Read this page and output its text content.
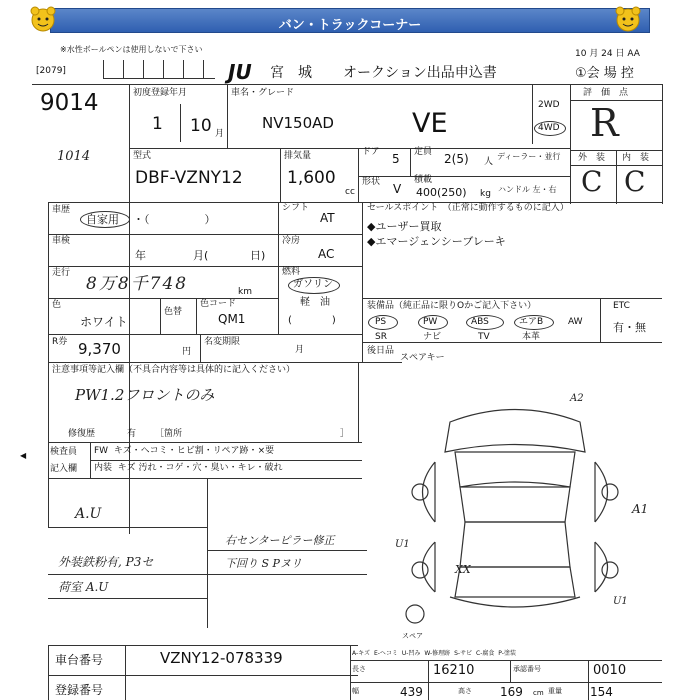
バン・トラックコーナー
※水性ボールペンは使用しないで下さい
[2079]	JU 宮　城 オークション出品申込書
10 月 24 日 AA
①会 場 控
9014
1014
初度登録年月
1 10 月
車名・グレード
NV150AD	VE
2WD
4WD
評　価　点
R
型式
DBF-VZNY12
排気量
1,600
cc
ドア 5 定員 2(5) 人
ディーラー・並行
形状 V
積載
400(250) kg ハンドル 左・右
外　装 内　装
C C
車歴
自家用 ・（　　　　　）
シフト
AT
車検
年	月(	日)
冷房
AC
走行
8万8千748	km
燃料
ガソリン
軽　油
(　　　　)
色
ホワイト
色替
色コード
QM1
R券 9,370	円
名変期限
月
注意事項等記入欄（不具合内容等は具体的に記入ください）
PW1.2フロントのみ
修復歴	有 ［箇所	］
セールスポイント　（正常に動作するものに記入）
◆ユーザー買取
◆エマージェンシーブレーキ
装備品（純正品に限りOかご記入下さい）	ETC
有・無
PS	PW	ABS	エアB	AW
SR	ナビ	TV	本革
後日品
スペアキー
検査員
記入欄
FW キズ・ヘコミ・ヒビ割・リペア跡・×要
内装 キズ 汚れ・コゲ・穴・臭い・キレ・破れ
A.U
外装鉄粉有, P3セ
荷室 A.U
右センターピラー修正
下回り S Pヌリ
A2
A1
U1
U1
XX
スペア
車台番号	VZNY12-078339
登録番号
A-キズ E-ヘコミ U-凹み W-修理跡 S-サビ C-腐食 P-塗装
長さ	16210	承認番号	0010
幅	439	高さ 169 cm 重量 154
◀
